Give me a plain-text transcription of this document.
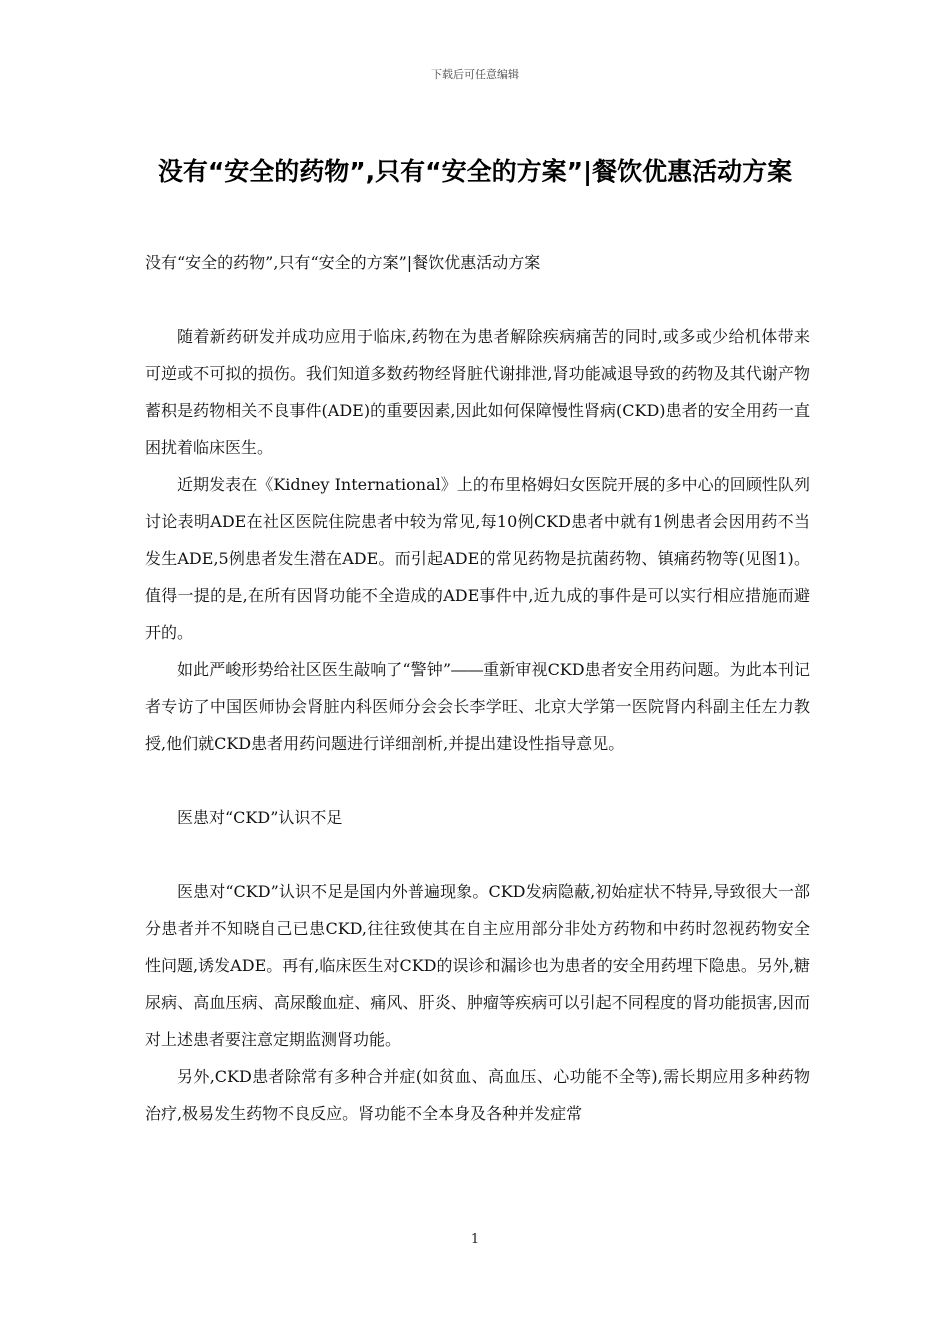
下载后可任意编辑
没有“安全的药物”,只有“安全的方案”|餐饮优惠活动方案
没有“安全的药物”,只有“安全的方案”|餐饮优惠活动方案

随着新药研发并成功应用于临床,药物在为患者解除疾病痛苦的同时,或多或少给机体带来可逆或不可拟的损伤。我们知道多数药物经肾脏代谢排泄,肾功能减退导致的药物及其代谢产物蓄积是药物相关不良事件(ADE)的重要因素,因此如何保障慢性肾病(CKD)患者的安全用药一直困扰着临床医生。

近期发表在《Kidney International》上的布里格姆妇女医院开展的多中心的回顾性队列讨论表明ADE在社区医院住院患者中较为常见,每10例CKD患者中就有1例患者会因用药不当发生ADE,5例患者发生潜在ADE。而引起ADE的常见药物是抗菌药物、镇痛药物等(见图1)。值得一提的是,在所有因肾功能不全造成的ADE事件中,近九成的事件是可以实行相应措施而避开的。

如此严峻形势给社区医生敲响了“警钟”――重新审视CKD患者安全用药问题。为此本刊记者专访了中国医师协会肾脏内科医师分会会长李学旺、北京大学第一医院肾内科副主任左力教授,他们就CKD患者用药问题进行详细剖析,并提出建设性指导意见。

医患对“CKD”认识不足

医患对“CKD”认识不足是国内外普遍现象。CKD发病隐蔽,初始症状不特异,导致很大一部分患者并不知晓自己已患CKD,往往致使其在自主应用部分非处方药物和中药时忽视药物安全性问题,诱发ADE。再有,临床医生对CKD的误诊和漏诊也为患者的安全用药埋下隐患。另外,糖尿病、高血压病、高尿酸血症、痛风、肝炎、肿瘤等疾病可以引起不同程度的肾功能损害,因而对上述患者要注意定期监测肾功能。

另外,CKD患者除常有多种合并症(如贫血、高血压、心功能不全等),需长期应用多种药物治疗,极易发生药物不良反应。肾功能不全本身及各种并发症常

1
